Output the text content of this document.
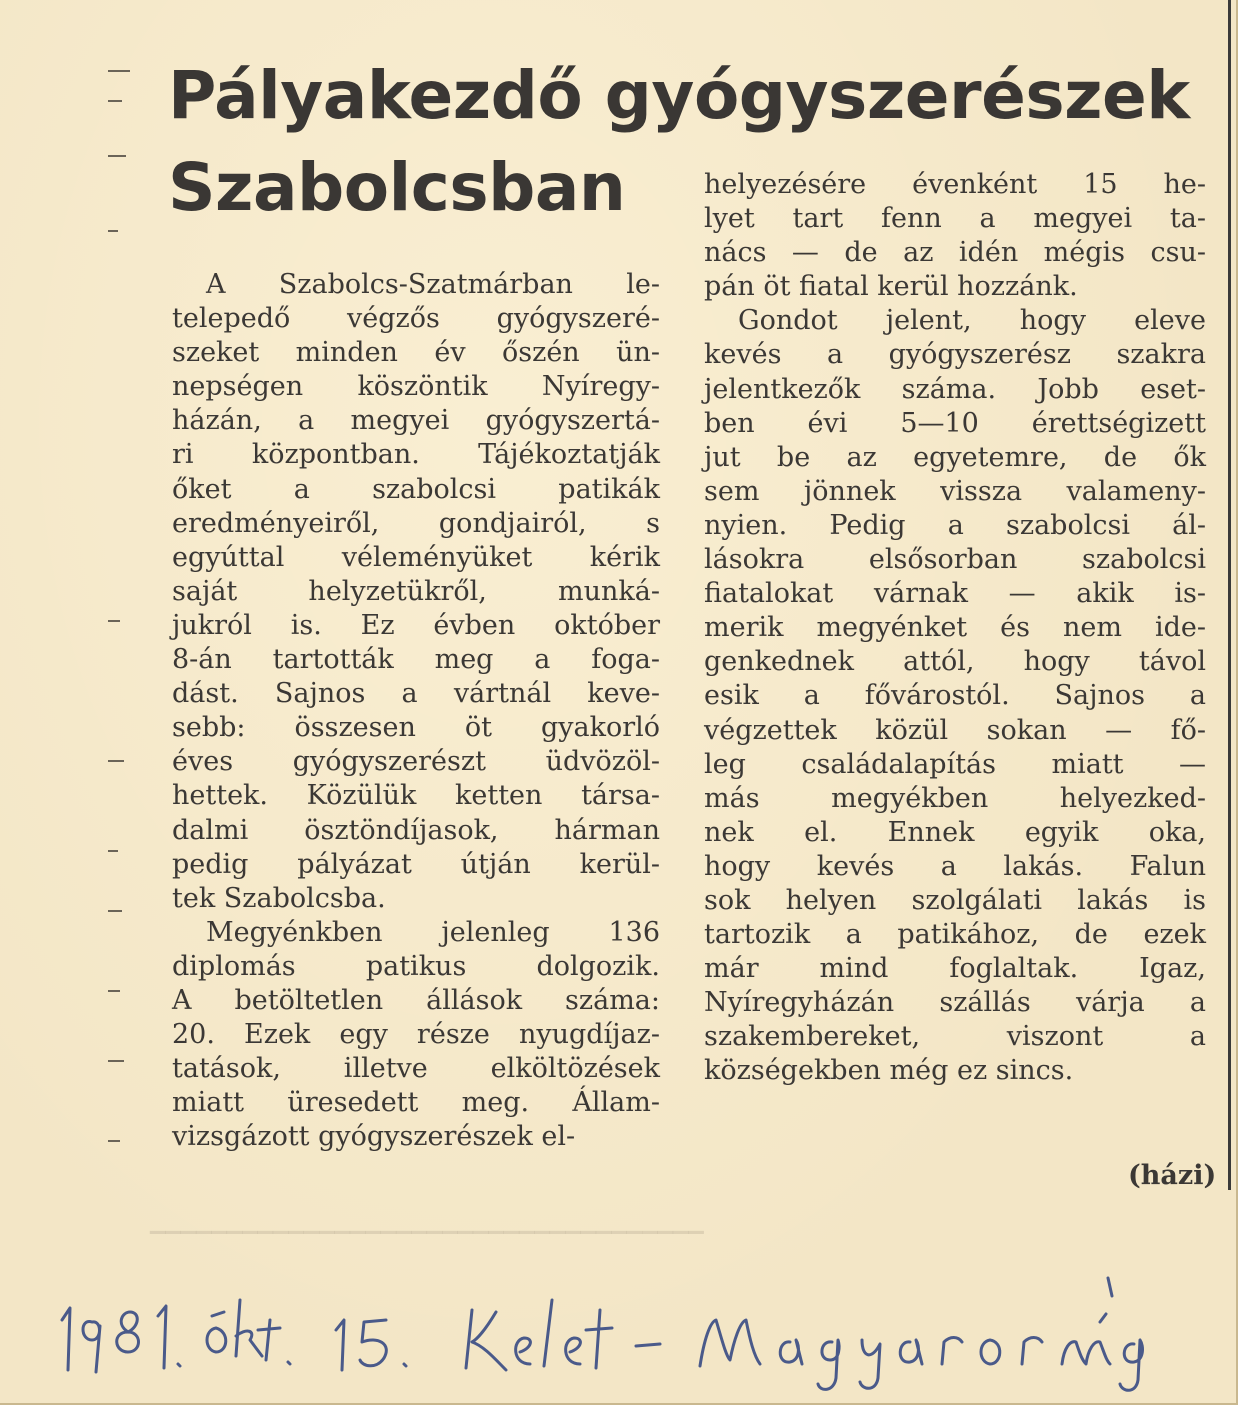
Pályakezdő gyógyszerészek
Szabolcsban
A Szabolcs-Szatmárban le-
telepedő végzős gyógyszeré-
szeket minden év őszén ün-
nepségen köszöntik Nyíregy-
házán, a megyei gyógyszertá-
ri központban. Tájékoztatják
őket a szabolcsi patikák
eredményeiről, gondjairól, s
egyúttal véleményüket kérik
saját helyzetükről, munká-
jukról is. Ez évben október
8-án tartották meg a foga-
dást. Sajnos a vártnál keve-
sebb: összesen öt gyakorló
éves gyógyszerészt üdvözöl-
hettek. Közülük ketten társa-
dalmi ösztöndíjasok, hárman
pedig pályázat útján kerül-
tek Szabolcsba.
Megyénkben jelenleg 136
diplomás patikus dolgozik.
A betöltetlen állások száma:
20. Ezek egy része nyugdíjaz-
tatások, illetve elköltözések
miatt üresedett meg. Állam-
vizsgázott gyógyszerészek el-
helyezésére évenként 15 he-
lyet tart fenn a megyei ta-
nács — de az idén mégis csu-
pán öt fiatal kerül hozzánk.
Gondot jelent, hogy eleve
kevés a gyógyszerész szakra
jelentkezők száma. Jobb eset-
ben évi 5—10 érettségizett
jut be az egyetemre, de ők
sem jönnek vissza valameny-
nyien. Pedig a szabolcsi ál-
lásokra elsősorban szabolcsi
fiatalokat várnak — akik is-
merik megyénket és nem ide-
genkednek attól, hogy távol
esik a fővárostól. Sajnos a
végzettek közül sokan — fő-
leg családalapítás miatt —
más megyékben helyezked-
nek el. Ennek egyik oka,
hogy kevés a lakás. Falun
sok helyen szolgálati lakás is
tartozik a patikához, de ezek
már mind foglaltak. Igaz,
Nyíregyházán szállás várja a
szakembereket, viszont a
községekben még ez sincs.

(házi)

▁▁▁▁▁▁▁▁▁▁▁▁▁▁▁▁▁▁▁▁▁▁▁▁▁▁▁▁▁▁▁▁▁▁▁▁
